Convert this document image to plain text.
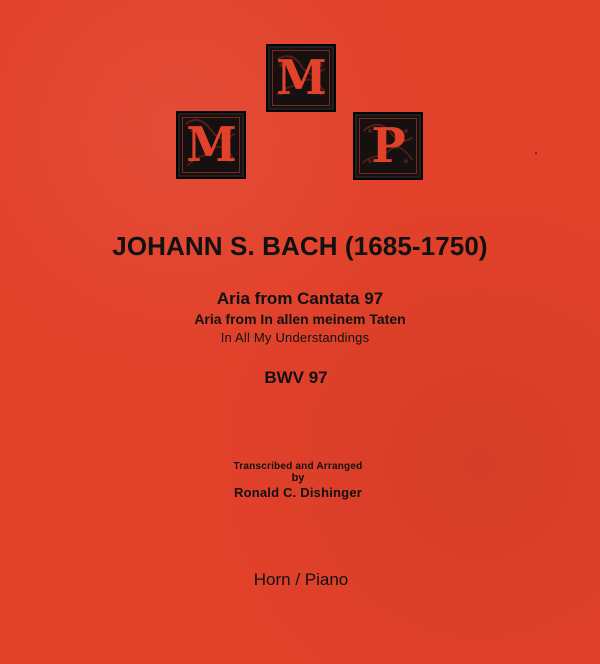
M
M
P
JOHANN S. BACH (1685-1750)
Aria from Cantata 97
Aria from In allen meinem Taten
In All My Understandings
BWV 97
Transcribed and Arranged
by
Ronald C. Dishinger
Horn / Piano
